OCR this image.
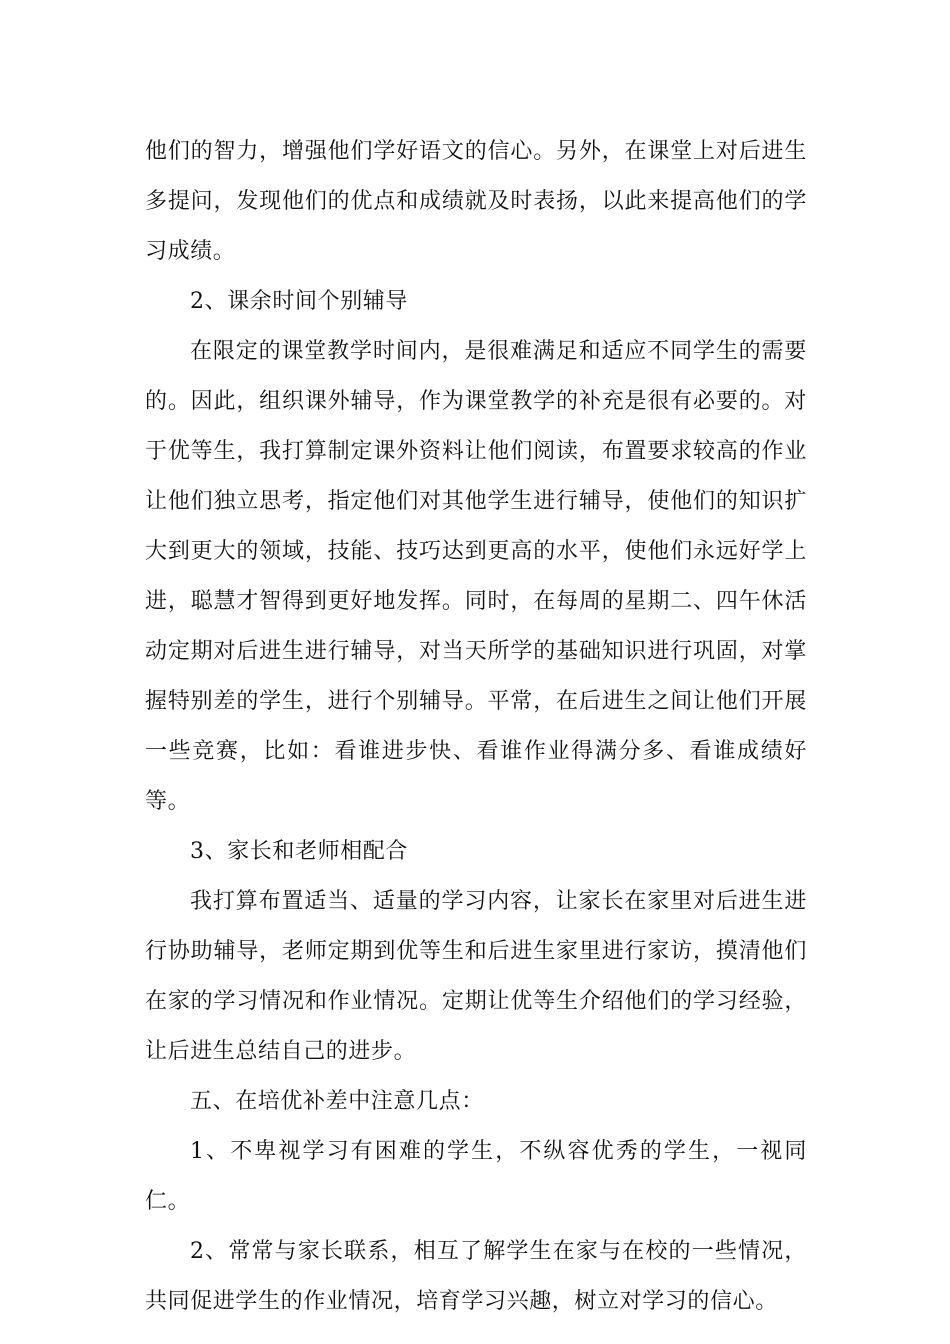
他们的智力，增强他们学好语文的信心。另外，在课堂上对后进生多提问，发现他们的优点和成绩就及时表扬，以此来提高他们的学习成绩。

2、课余时间个别辅导

在限定的课堂教学时间内，是很难满足和适应不同学生的需要的。因此，组织课外辅导，作为课堂教学的补充是很有必要的。对于优等生，我打算制定课外资料让他们阅读，布置要求较高的作业让他们独立思考，指定他们对其他学生进行辅导，使他们的知识扩大到更大的领域，技能、技巧达到更高的水平，使他们永远好学上进，聪慧才智得到更好地发挥。同时，在每周的星期二、四午休活动定期对后进生进行辅导，对当天所学的基础知识进行巩固，对掌握特别差的学生，进行个别辅导。平常，在后进生之间让他们开展一些竞赛，比如：看谁进步快、看谁作业得满分多、看谁成绩好等。

3、家长和老师相配合

我打算布置适当、适量的学习内容，让家长在家里对后进生进行协助辅导，老师定期到优等生和后进生家里进行家访，摸清他们在家的学习情况和作业情况。定期让优等生介绍他们的学习经验，让后进生总结自己的进步。

五、在培优补差中注意几点：

1、不卑视学习有困难的学生，不纵容优秀的学生，一视同仁。

2、常常与家长联系，相互了解学生在家与在校的一些情况，共同促进学生的作业情况，培育学习兴趣，树立对学习的信心。
